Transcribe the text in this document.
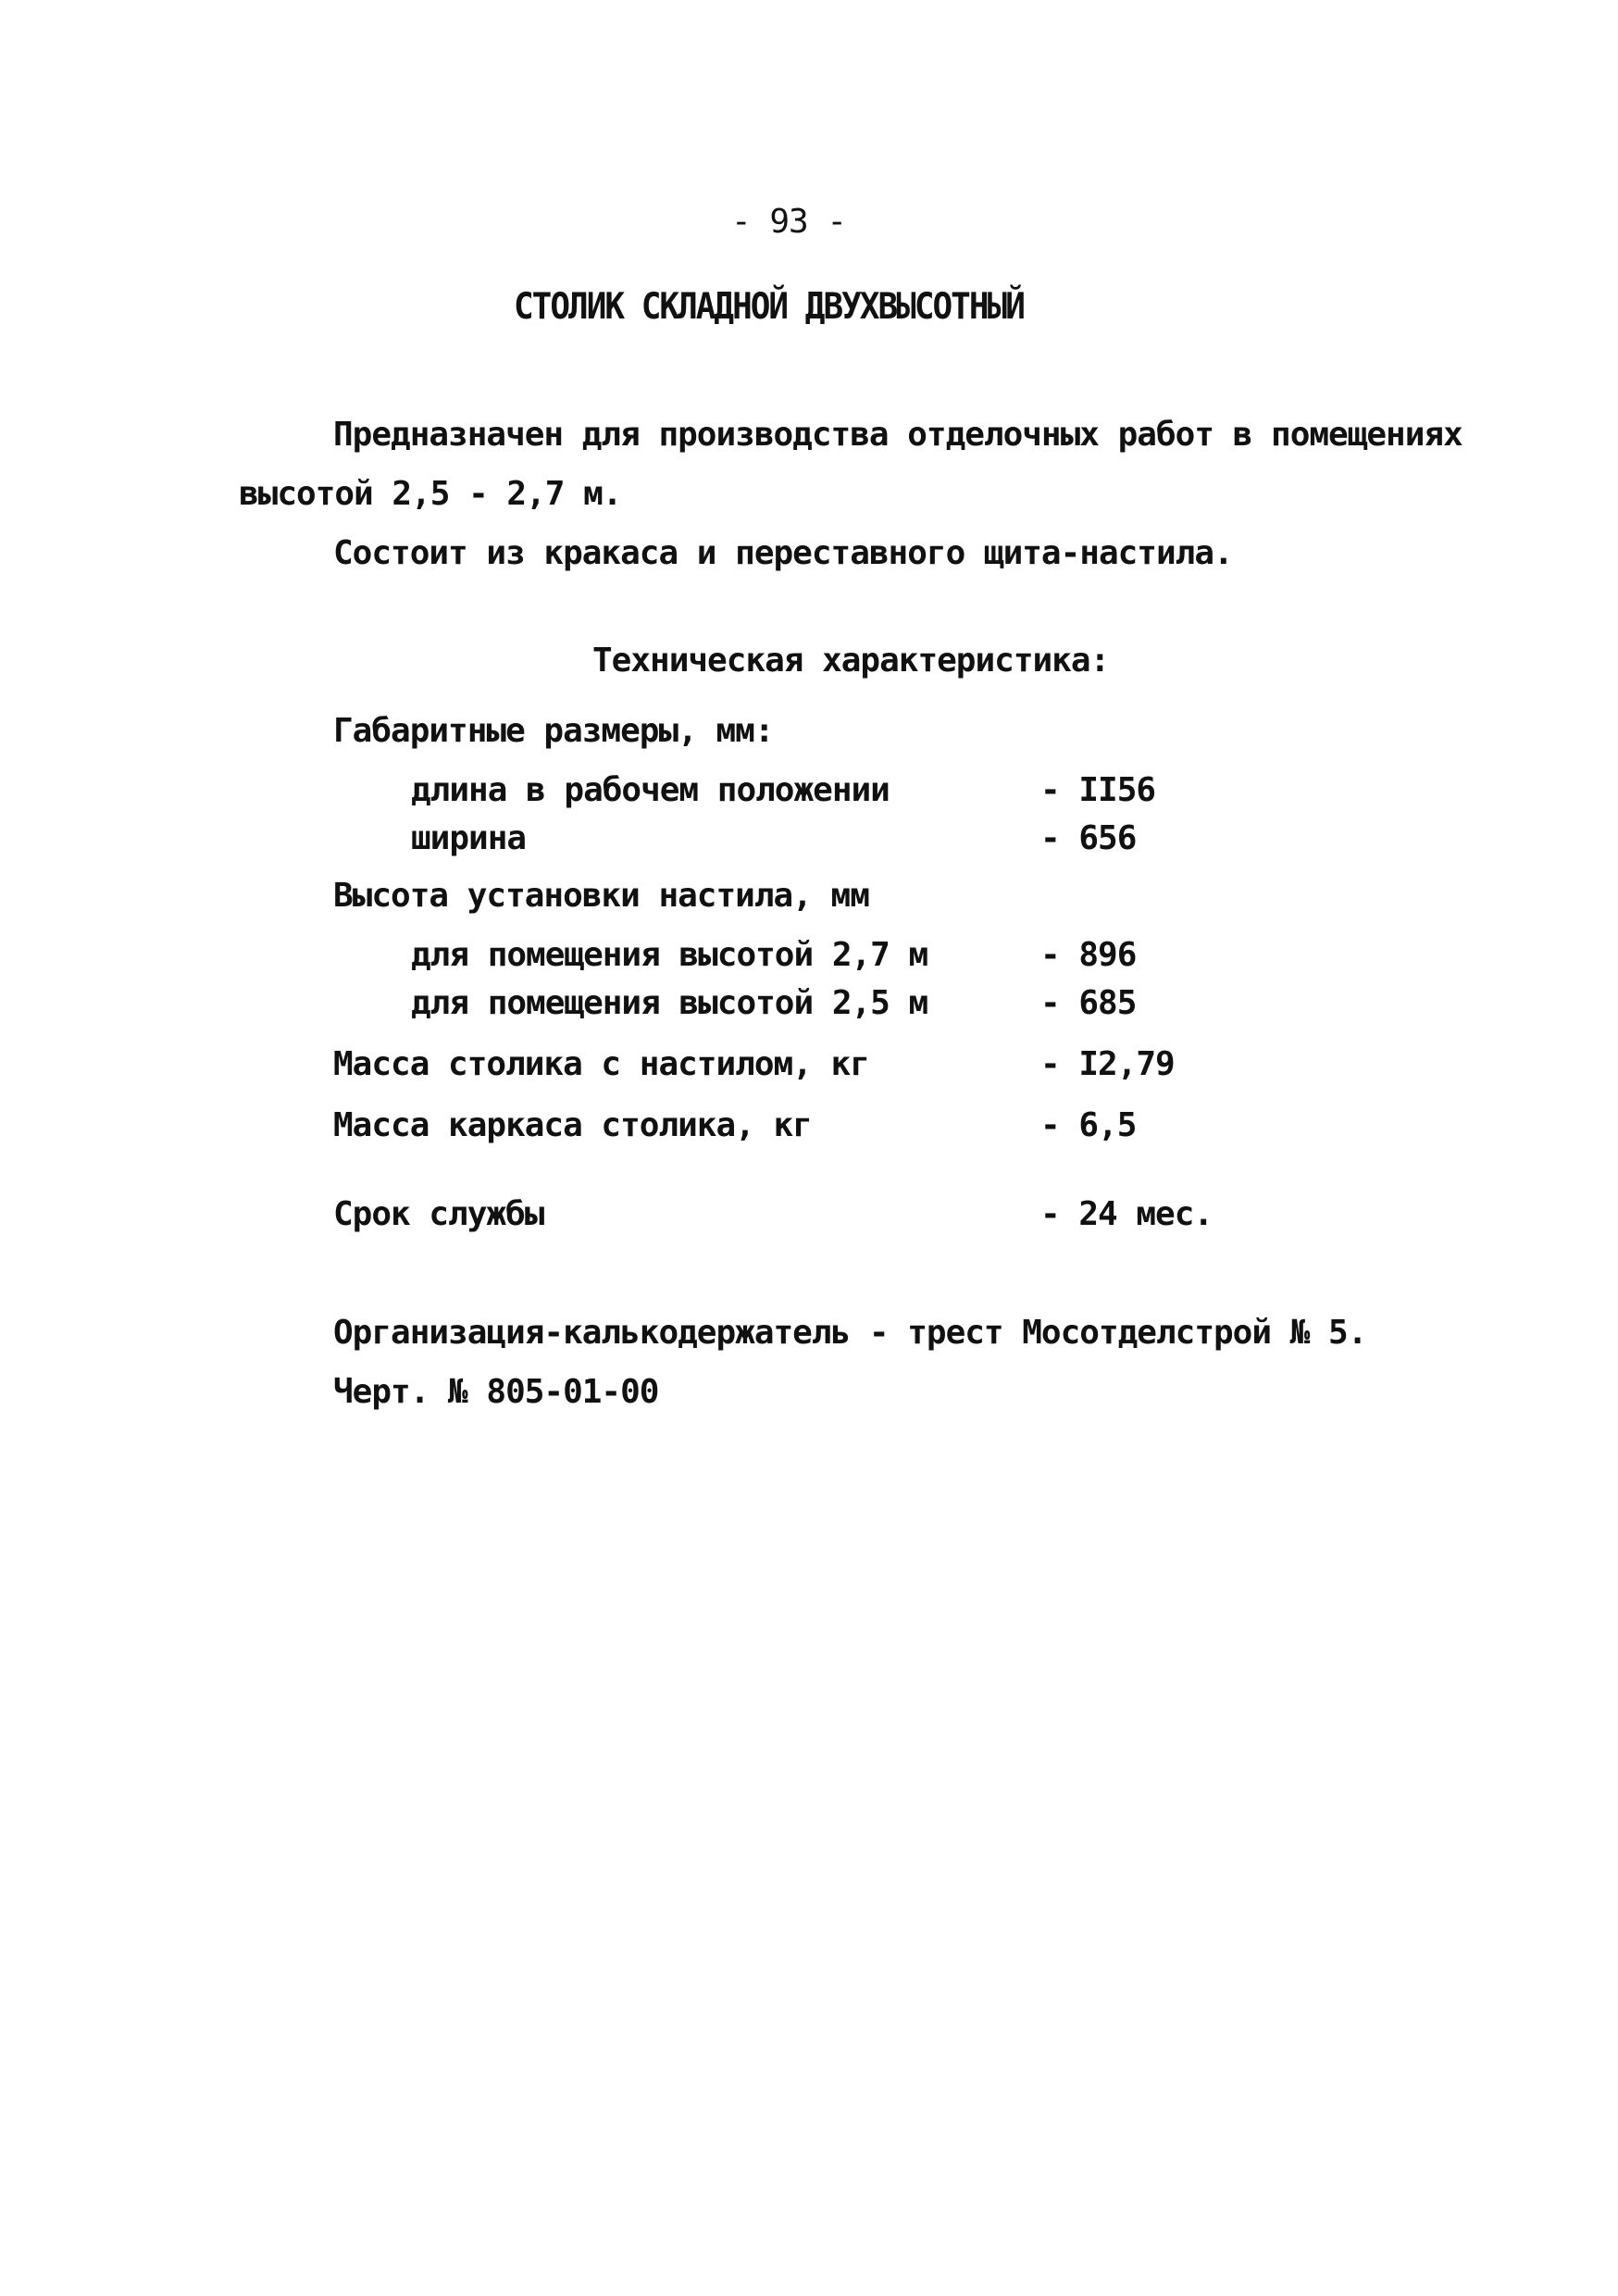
- 93 -

СТОЛИК СКЛАДНОЙ ДВУХВЫСОТНЫЙ

Предназначен для производства отделочных работ в помещениях

высотой 2,5 - 2,7 м.

Состоит из кракаса и переставного щита-настила.

Техническая характеристика:

Габаритные размеры, мм:
длина в рабочем положении	- II56
ширина	- 656
Высота установки настила, мм
для помещения высотой 2,7 м	- 896
для помещения высотой 2,5 м	- 685
Масса столика с настилом, кг	- I2,79
Масса каркаса столика, кг	- 6,5
Срок службы	- 24 мес.

Организация-калькодержатель - трест Мосотделстрой № 5.

Черт. № 805-01-00
